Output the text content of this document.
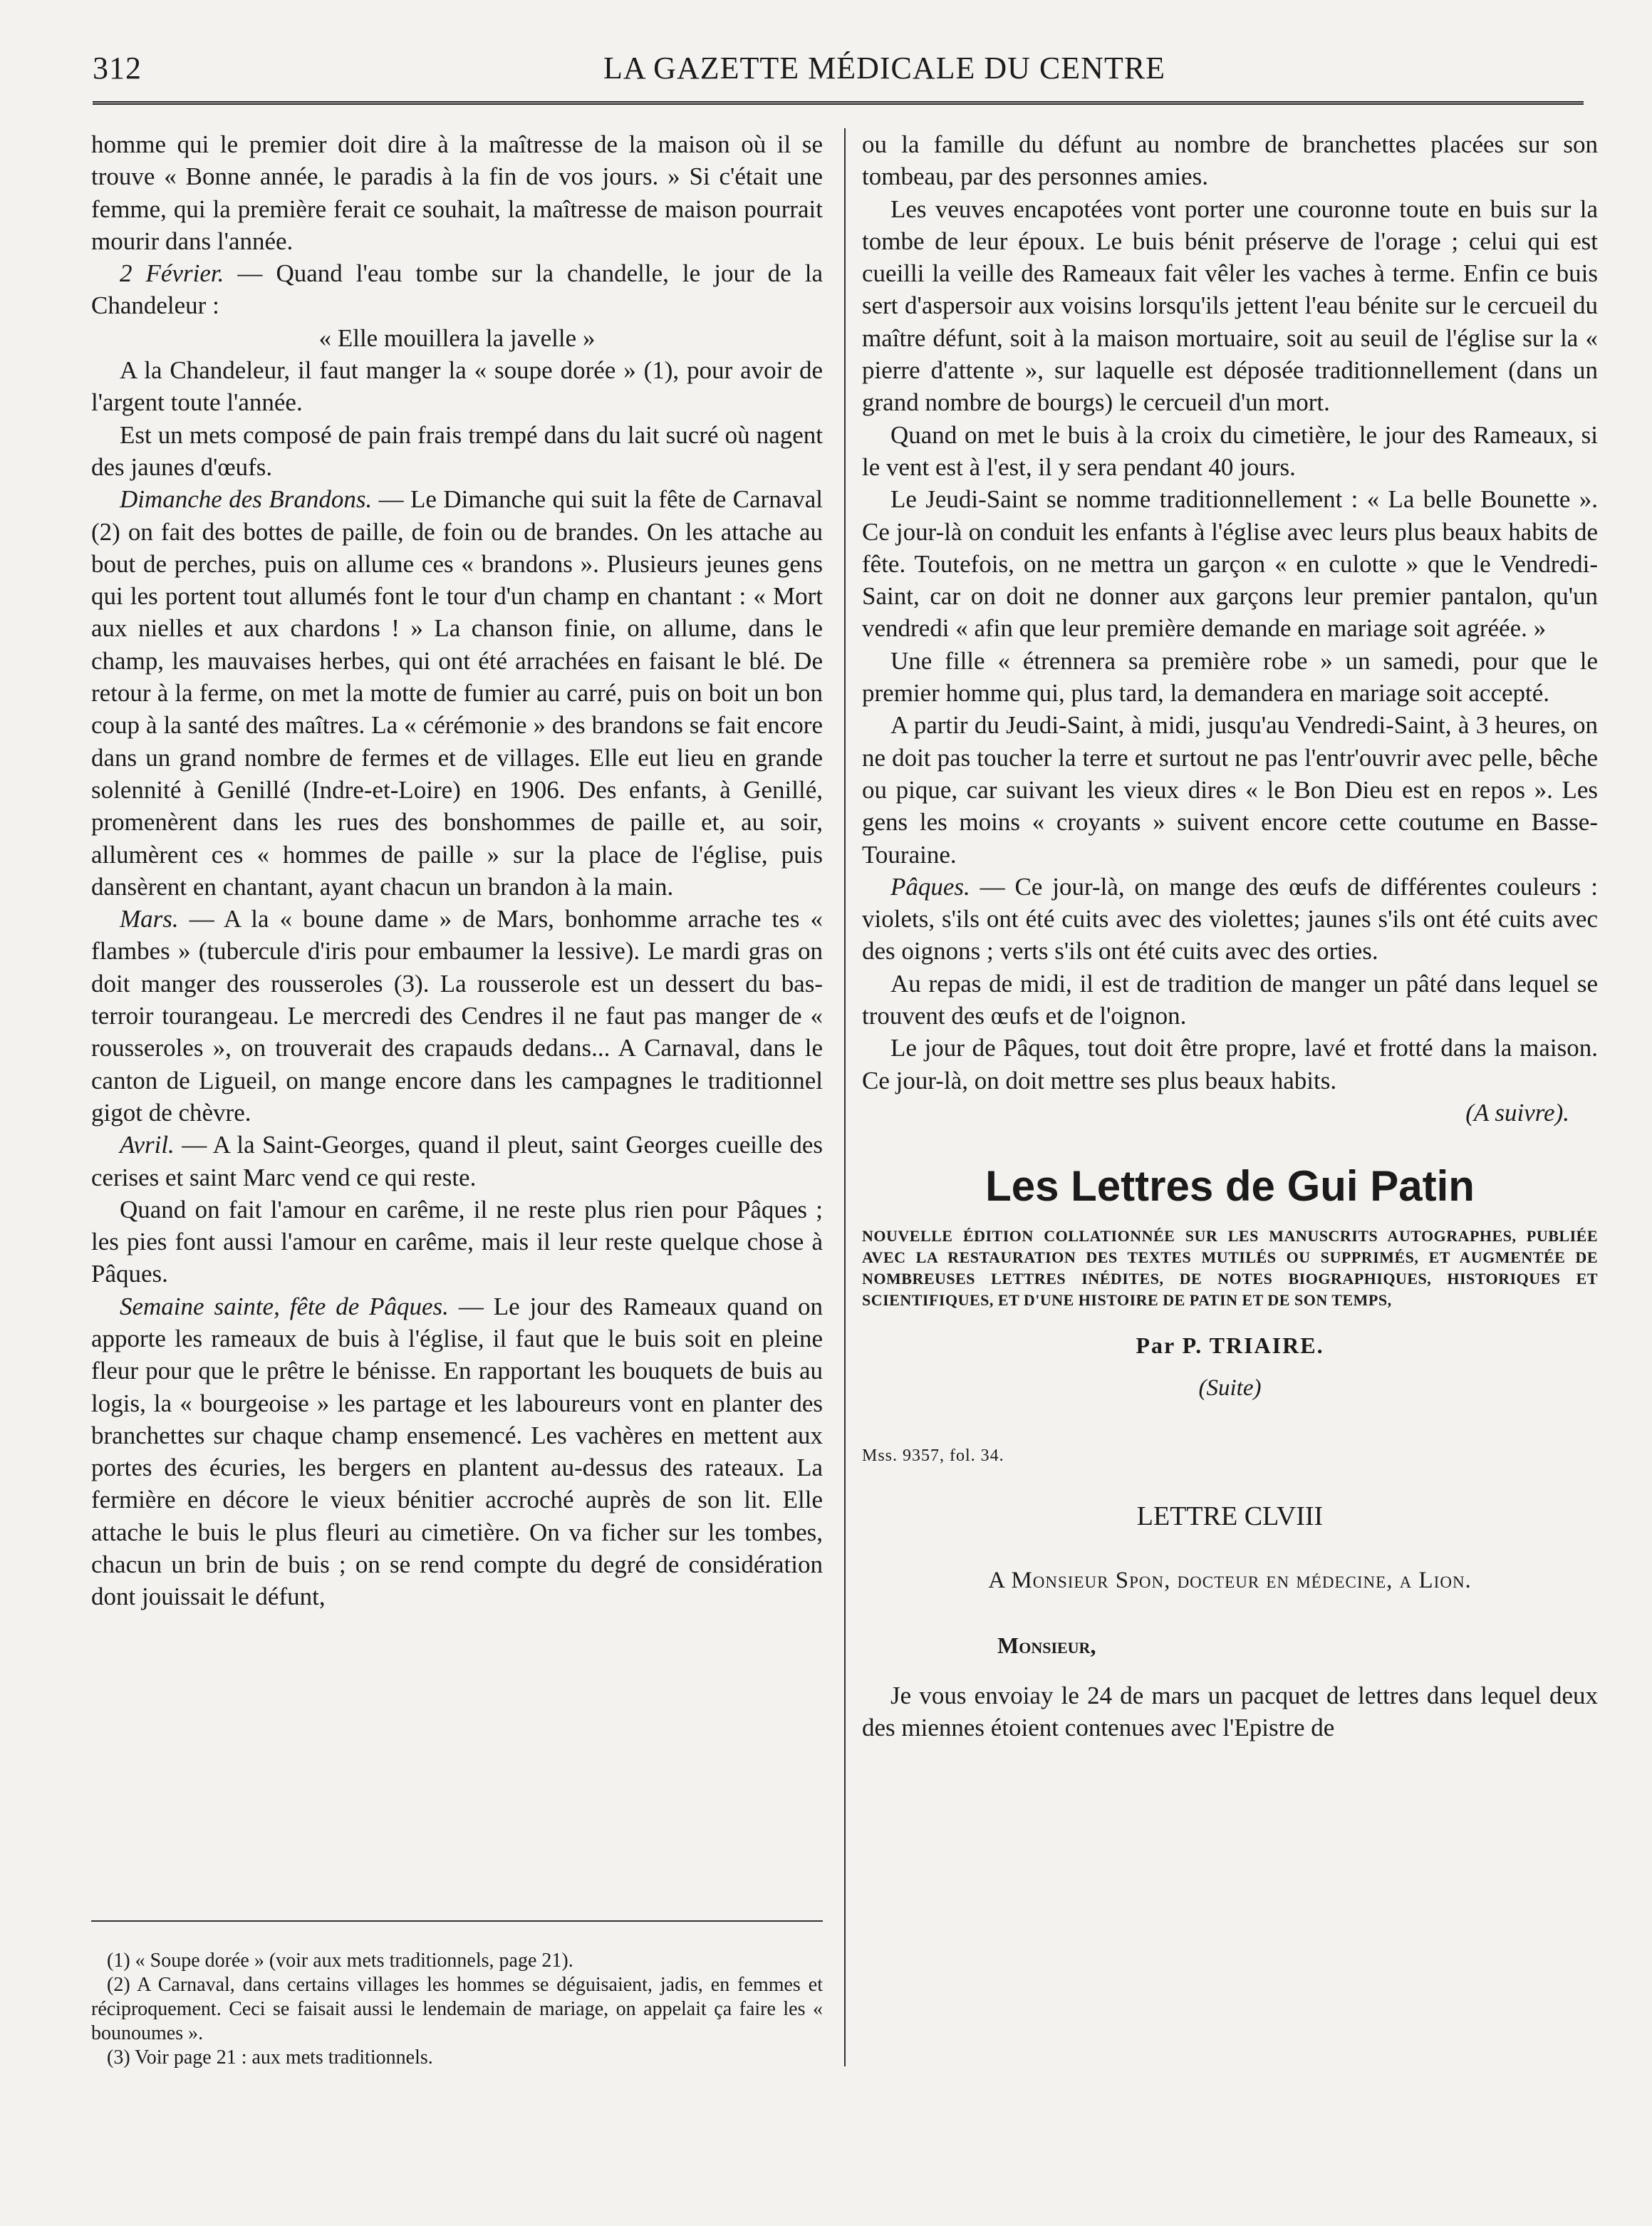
312	LA GAZETTE MÉDICALE DU CENTRE

homme qui le premier doit dire à la maîtresse de la maison où il se trouve « Bonne année, le paradis à la fin de vos jours. » Si c'était une femme, qui la première ferait ce souhait, la maîtresse de maison pourrait mourir dans l'année.

2 Février. — Quand l'eau tombe sur la chandelle, le jour de la Chandeleur :

« Elle mouillera la javelle »

A la Chandeleur, il faut manger la « soupe dorée » (1), pour avoir de l'argent toute l'année.

Est un mets composé de pain frais trempé dans du lait sucré où nagent des jaunes d'œufs.

Dimanche des Brandons. — Le Dimanche qui suit la fête de Carnaval (2) on fait des bottes de paille, de foin ou de brandes. On les attache au bout de perches, puis on allume ces « brandons ». Plusieurs jeunes gens qui les portent tout allumés font le tour d'un champ en chantant : « Mort aux nielles et aux chardons ! » La chanson finie, on allume, dans le champ, les mauvaises herbes, qui ont été arrachées en faisant le blé. De retour à la ferme, on met la motte de fumier au carré, puis on boit un bon coup à la santé des maîtres. La « cérémonie » des brandons se fait encore dans un grand nombre de fermes et de villages. Elle eut lieu en grande solennité à Genillé (Indre-et-Loire) en 1906. Des enfants, à Genillé, promenèrent dans les rues des bonshommes de paille et, au soir, allumèrent ces « hommes de paille » sur la place de l'église, puis dansèrent en chantant, ayant chacun un brandon à la main.

Mars. — A la « boune dame » de Mars, bonhomme arrache tes « flambes » (tubercule d'iris pour embaumer la lessive). Le mardi gras on doit manger des rousseroles (3). La rousserole est un dessert du bas-terroir tourangeau. Le mercredi des Cendres il ne faut pas manger de « rousseroles », on trouverait des crapauds dedans... A Carnaval, dans le canton de Ligueil, on mange encore dans les campagnes le traditionnel gigot de chèvre.

Avril. — A la Saint-Georges, quand il pleut, saint Georges cueille des cerises et saint Marc vend ce qui reste.

Quand on fait l'amour en carême, il ne reste plus rien pour Pâques ; les pies font aussi l'amour en carême, mais il leur reste quelque chose à Pâques.

Semaine sainte, fête de Pâques. — Le jour des Rameaux quand on apporte les rameaux de buis à l'église, il faut que le buis soit en pleine fleur pour que le prêtre le bénisse. En rapportant les bouquets de buis au logis, la « bourgeoise » les partage et les laboureurs vont en planter des branchettes sur chaque champ ensemencé. Les vachères en mettent aux portes des écuries, les bergers en plantent au-dessus des rateaux. La fermière en décore le vieux bénitier accroché auprès de son lit. Elle attache le buis le plus fleuri au cimetière. On va ficher sur les tombes, chacun un brin de buis ; on se rend compte du degré de considération dont jouissait le défunt,

(1) « Soupe dorée » (voir aux mets traditionnels, page 21).

(2) A Carnaval, dans certains villages les hommes se déguisaient, jadis, en femmes et réciproquement. Ceci se faisait aussi le lendemain de mariage, on appelait ça faire les « bounoumes ».

(3) Voir page 21 : aux mets traditionnels.

ou la famille du défunt au nombre de branchettes placées sur son tombeau, par des personnes amies.

Les veuves encapotées vont porter une couronne toute en buis sur la tombe de leur époux. Le buis bénit préserve de l'orage ; celui qui est cueilli la veille des Rameaux fait vêler les vaches à terme. Enfin ce buis sert d'aspersoir aux voisins lorsqu'ils jettent l'eau bénite sur le cercueil du maître défunt, soit à la maison mortuaire, soit au seuil de l'église sur la « pierre d'attente », sur laquelle est déposée traditionnellement (dans un grand nombre de bourgs) le cercueil d'un mort.

Quand on met le buis à la croix du cimetière, le jour des Rameaux, si le vent est à l'est, il y sera pendant 40 jours.

Le Jeudi-Saint se nomme traditionnellement : « La belle Bounette ». Ce jour-là on conduit les enfants à l'église avec leurs plus beaux habits de fête. Toutefois, on ne mettra un garçon « en culotte » que le Vendredi-Saint, car on doit ne donner aux garçons leur premier pantalon, qu'un vendredi « afin que leur première demande en mariage soit agréée. »

Une fille « étrennera sa première robe » un samedi, pour que le premier homme qui, plus tard, la demandera en mariage soit accepté.

A partir du Jeudi-Saint, à midi, jusqu'au Vendredi-Saint, à 3 heures, on ne doit pas toucher la terre et surtout ne pas l'entr'ouvrir avec pelle, bêche ou pique, car suivant les vieux dires « le Bon Dieu est en repos ». Les gens les moins « croyants » suivent encore cette coutume en Basse-Touraine.

Pâques. — Ce jour-là, on mange des œufs de différentes couleurs : violets, s'ils ont été cuits avec des violettes; jaunes s'ils ont été cuits avec des oignons ; verts s'ils ont été cuits avec des orties.

Au repas de midi, il est de tradition de manger un pâté dans lequel se trouvent des œufs et de l'oignon.

Le jour de Pâques, tout doit être propre, lavé et frotté dans la maison. Ce jour-là, on doit mettre ses plus beaux habits.

(A suivre).

Les Lettres de Gui Patin
NOUVELLE ÉDITION COLLATIONNÉE SUR LES MANUSCRITS AUTOGRAPHES, PUBLIÉE AVEC LA RESTAURATION DES TEXTES MUTILÉS OU SUPPRIMÉS, ET AUGMENTÉE DE NOMBREUSES LETTRES INÉDITES, DE NOTES BIOGRAPHIQUES, HISTORIQUES ET SCIENTIFIQUES, ET D'UNE HISTOIRE DE PATIN ET DE SON TEMPS,
Par P. TRIAIRE.
(Suite)
Mss. 9357, fol. 34.
LETTRE CLVIII
A Monsieur Spon, docteur en médecine, a Lion.
Monsieur,

Je vous envoiay le 24 de mars un pacquet de lettres dans lequel deux des miennes étoient contenues avec l'Epistre de
